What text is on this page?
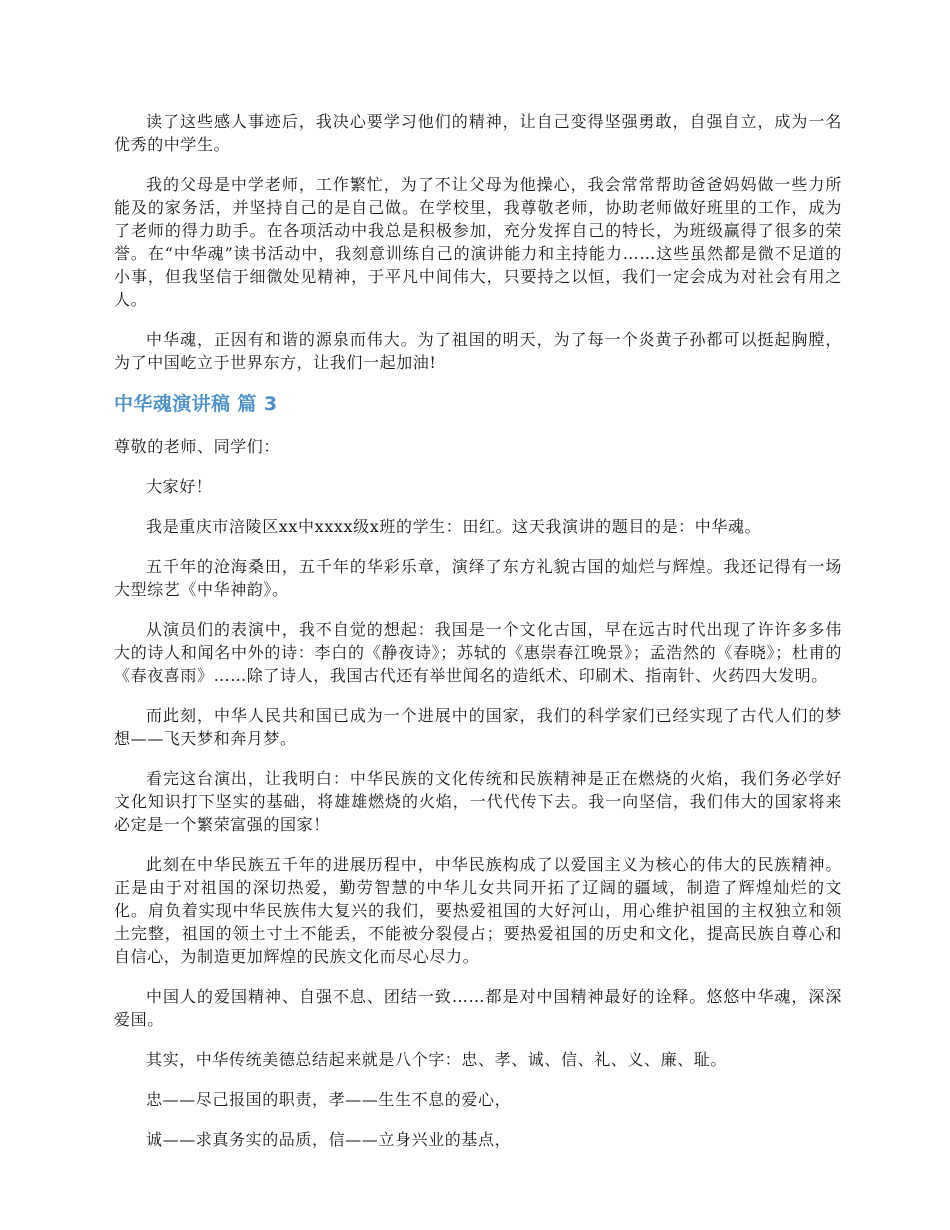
读了这些感人事迹后，我决心要学习他们的精神，让自己变得坚强勇敢，自强自立，成为一名优秀的中学生。

我的父母是中学老师，工作繁忙，为了不让父母为他操心，我会常常帮助爸爸妈妈做一些力所能及的家务活，并坚持自己的是自己做。在学校里，我尊敬老师，协助老师做好班里的工作，成为了老师的得力助手。在各项活动中我总是积极参加，充分发挥自己的特长，为班级赢得了很多的荣誉。在“中华魂”读书活动中，我刻意训练自己的演讲能力和主持能力……这些虽然都是微不足道的小事，但我坚信于细微处见精神，于平凡中间伟大，只要持之以恒，我们一定会成为对社会有用之人。

中华魂，正因有和谐的源泉而伟大。为了祖国的明天，为了每一个炎黄子孙都可以挺起胸膛，为了中国屹立于世界东方，让我们一起加油!

中华魂演讲稿 篇 3

尊敬的老师、同学们：

大家好！

我是重庆市涪陵区xx中xxxx级x班的学生：田红。这天我演讲的题目的是：中华魂。

五千年的沧海桑田，五千年的华彩乐章，演绎了东方礼貌古国的灿烂与辉煌。我还记得有一场大型综艺《中华神韵》。

从演员们的表演中，我不自觉的想起：我国是一个文化古国，早在远古时代出现了许许多多伟大的诗人和闻名中外的诗：李白的《静夜诗》；苏轼的《惠崇春江晚景》；孟浩然的《春晓》；杜甫的《春夜喜雨》……除了诗人，我国古代还有举世闻名的造纸术、印刷术、指南针、火药四大发明。

而此刻，中华人民共和国已成为一个进展中的国家，我们的科学家们已经实现了古代人们的梦想——飞天梦和奔月梦。

看完这台演出，让我明白：中华民族的文化传统和民族精神是正在燃烧的火焰，我们务必学好文化知识打下坚实的基础，将雄雄燃烧的火焰，一代代传下去。我一向坚信，我们伟大的国家将来必定是一个繁荣富强的国家！

此刻在中华民族五千年的进展历程中，中华民族构成了以爱国主义为核心的伟大的民族精神。正是由于对祖国的深切热爱，勤劳智慧的中华儿女共同开拓了辽阔的疆域，制造了辉煌灿烂的文化。肩负着实现中华民族伟大复兴的我们，要热爱祖国的大好河山，用心维护祖国的主权独立和领土完整，祖国的领土寸土不能丢，不能被分裂侵占；要热爱祖国的历史和文化，提高民族自尊心和自信心，为制造更加辉煌的民族文化而尽心尽力。

中国人的爱国精神、自强不息、团结一致……都是对中国精神最好的诠释。悠悠中华魂，深深爱国。

其实，中华传统美德总结起来就是八个字：忠、孝、诚、信、礼、义、廉、耻。

忠——尽己报国的职责，孝——生生不息的爱心，

诚——求真务实的品质，信——立身兴业的基点，
